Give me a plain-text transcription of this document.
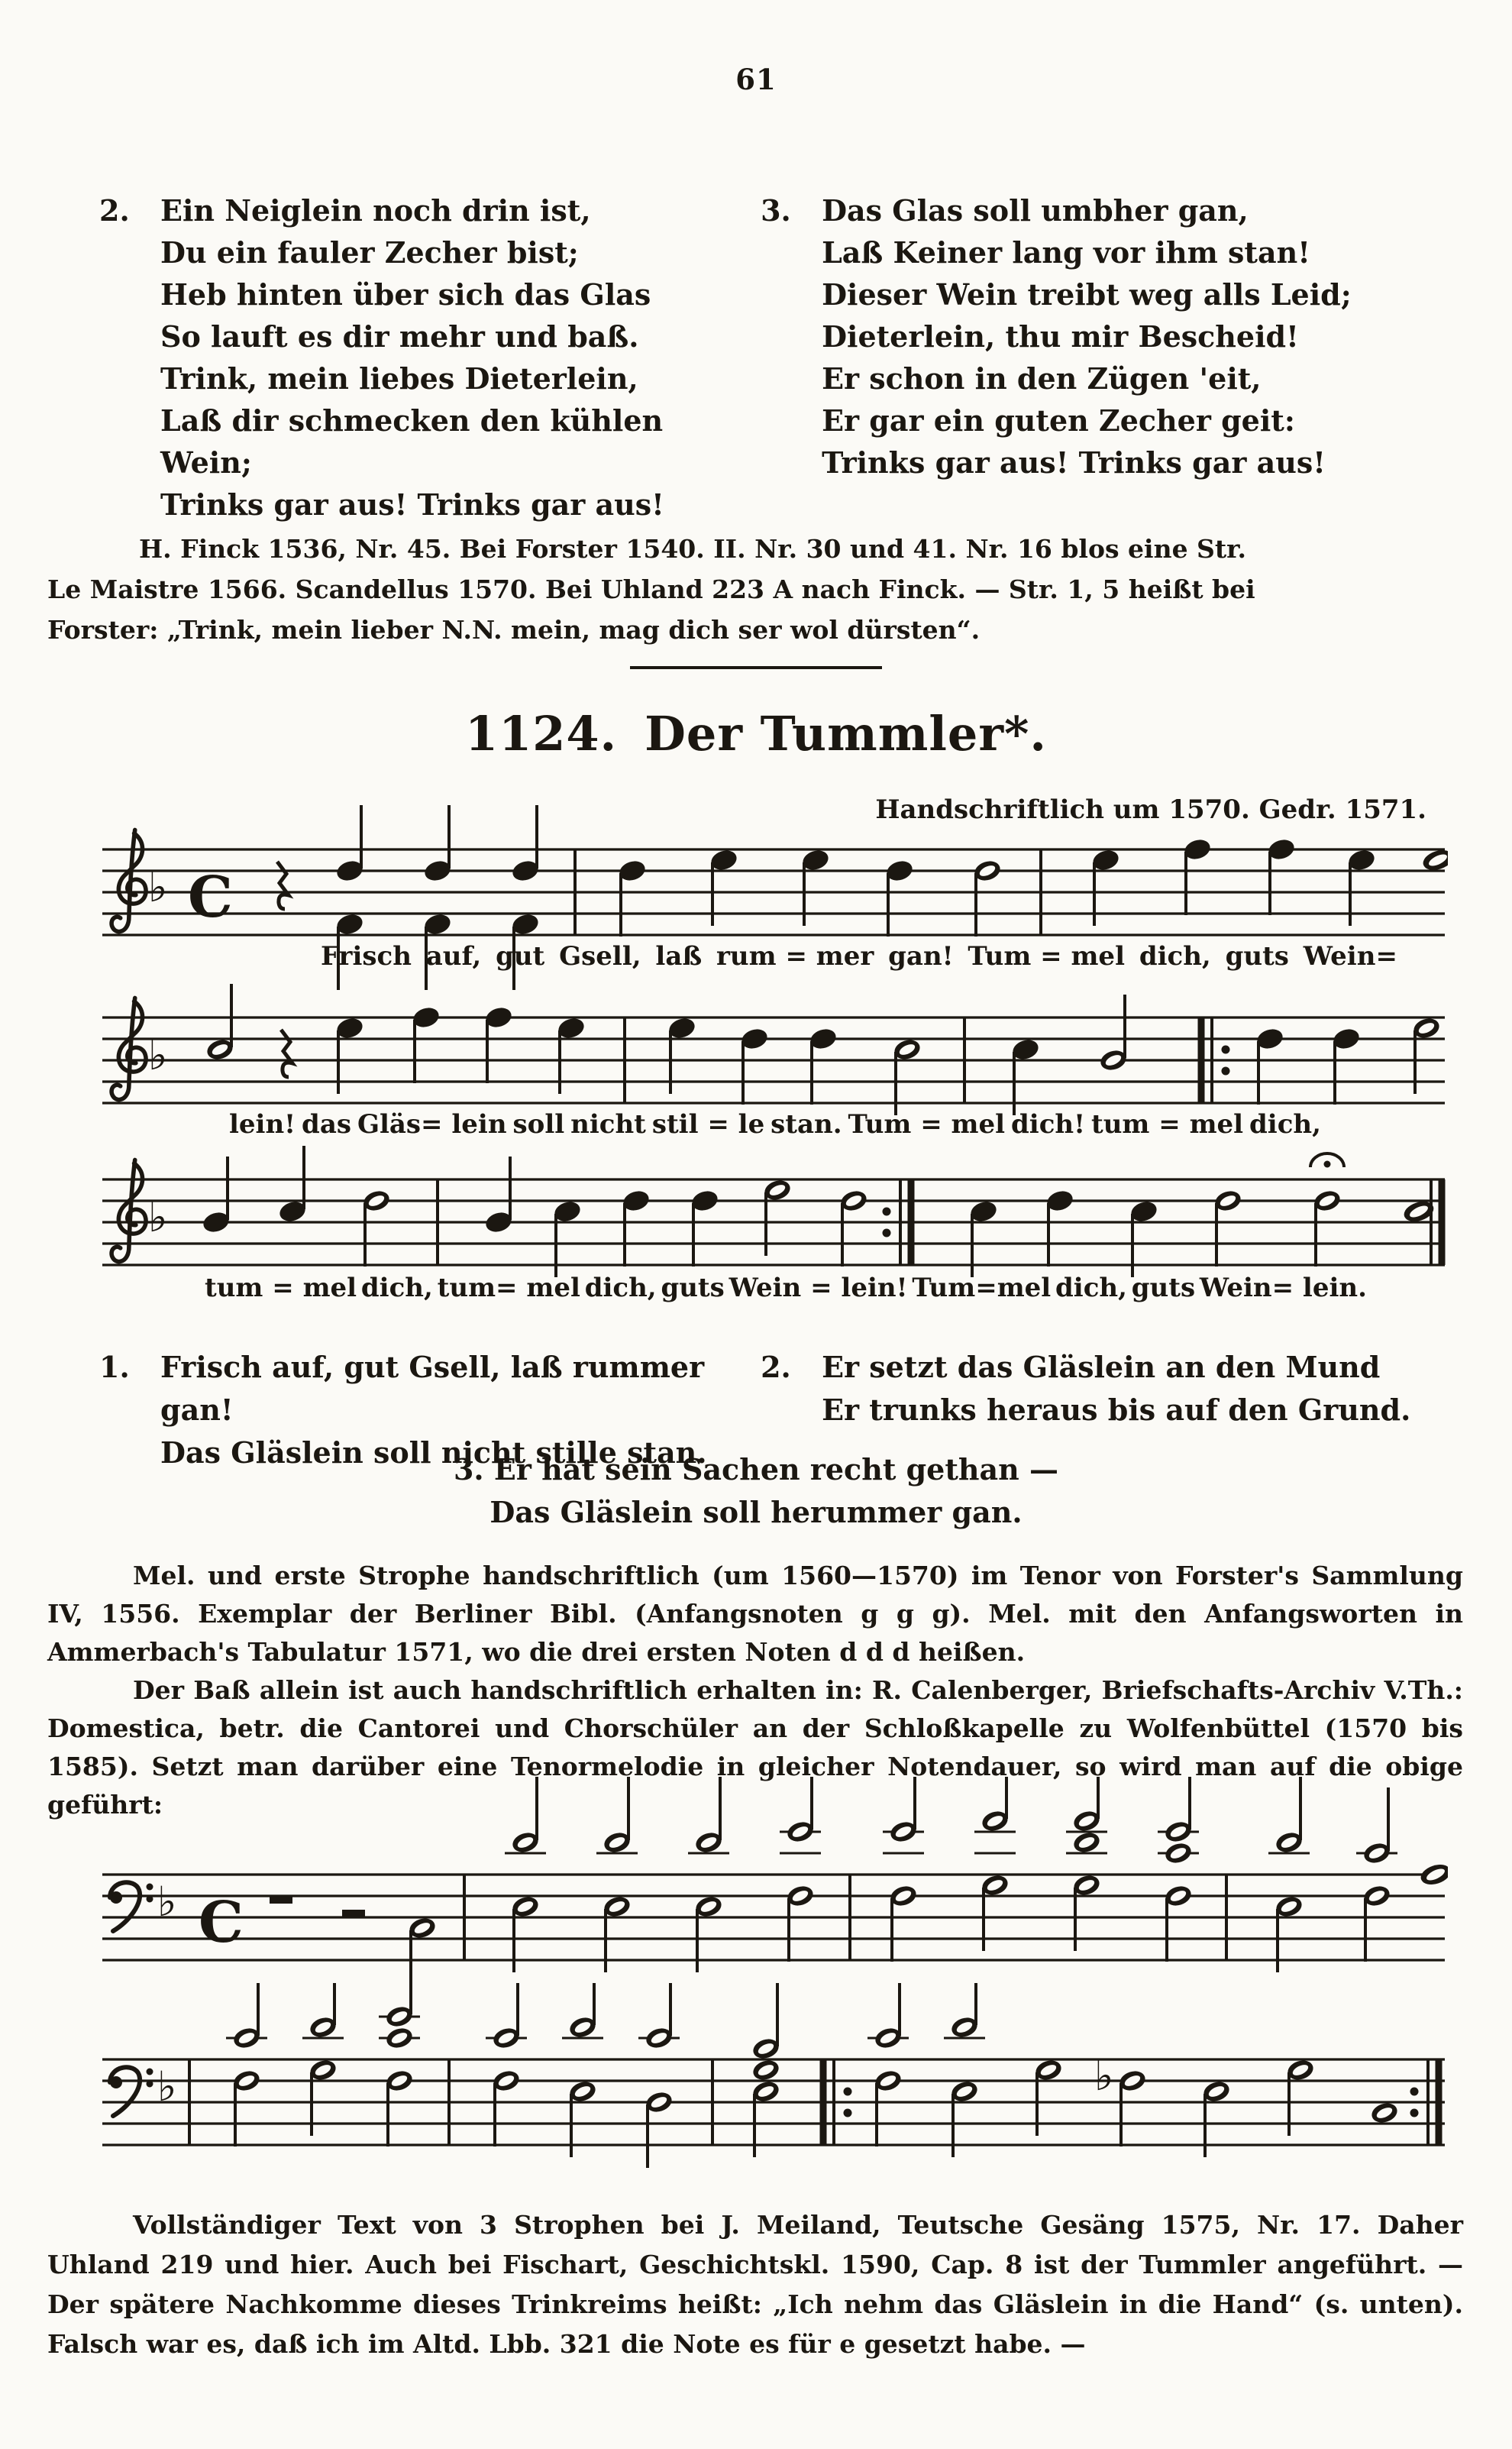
61
2. Ein Neiglein noch drin ist,
Du ein fauler Zecher bist;
Heb hinten über sich das Glas
So lauft es dir mehr und baß.
Trink, mein liebes Dieterlein,
Laß dir schmecken den kühlen Wein;
Trinks gar aus! Trinks gar aus!
3. Das Glas soll umbher gan,
Laß Keiner lang vor ihm stan!
Dieser Wein treibt weg alls Leid;
Dieterlein, thu mir Bescheid!
Er schon in den Zügen 'eit,
Er gar ein guten Zecher geit:
Trinks gar aus! Trinks gar aus!
H. Finck 1536, Nr. 45. Bei Forster 1540. II. Nr. 30 und 41. Nr. 16 blos eine Str.
Le Maistre 1566. Scandellus 1570. Bei Uhland 223 A nach Finck. — Str. 1, 5 heißt bei
Forster: „Trink, mein lieber N.N. mein, mag dich ser wol dürsten“.
1124. Der Tummler*.
Handschriftlich um 1570. Gedr. 1571.
♭ C
Frisch auf, gut Gsell, laß rum = mer gan! Tum = mel dich, guts Wein=
♭
lein! das Gläs= lein soll nicht stil = le stan. Tum = mel dich! tum = mel dich,
♭
tum = mel dich, tum= mel dich, guts Wein = lein! Tum=mel dich, guts Wein= lein.
1. Frisch auf, gut Gsell, laß rummer gan!
Das Gläslein soll nicht stille stan.
2. Er setzt das Gläslein an den Mund
Er trunks heraus bis auf den Grund.
3. Er hat sein Sachen recht gethan —
Das Gläslein soll herummer gan.

Mel. und erste Strophe handschriftlich (um 1560—1570) im Tenor von Forster's Sammlung IV, 1556. Exemplar der Berliner Bibl. (Anfangsnoten g g g). Mel. mit den Anfangsworten in Ammerbach's Tabulatur 1571, wo die drei ersten Noten d d d heißen.

Der Baß allein ist auch handschriftlich erhalten in: R. Calenberger, Briefschafts-Archiv V.Th.: Domestica, betr. die Cantorei und Chorschüler an der Schloßkapelle zu Wolfenbüttel (1570 bis 1585). Setzt man darüber eine Tenormelodie in gleicher Notendauer, so wird man auf die obige geführt:

♭ C
♭	♭

Vollständiger Text von 3 Strophen bei J. Meiland, Teutsche Gesäng 1575, Nr. 17. Daher Uhland 219 und hier. Auch bei Fischart, Geschichtskl. 1590, Cap. 8 ist der Tummler angeführt. — Der spätere Nachkomme dieses Trinkreims heißt: „Ich nehm das Gläslein in die Hand“ (s. unten). Falsch war es, daß ich im Altd. Lbb. 321 die Note es für e gesetzt habe. —
